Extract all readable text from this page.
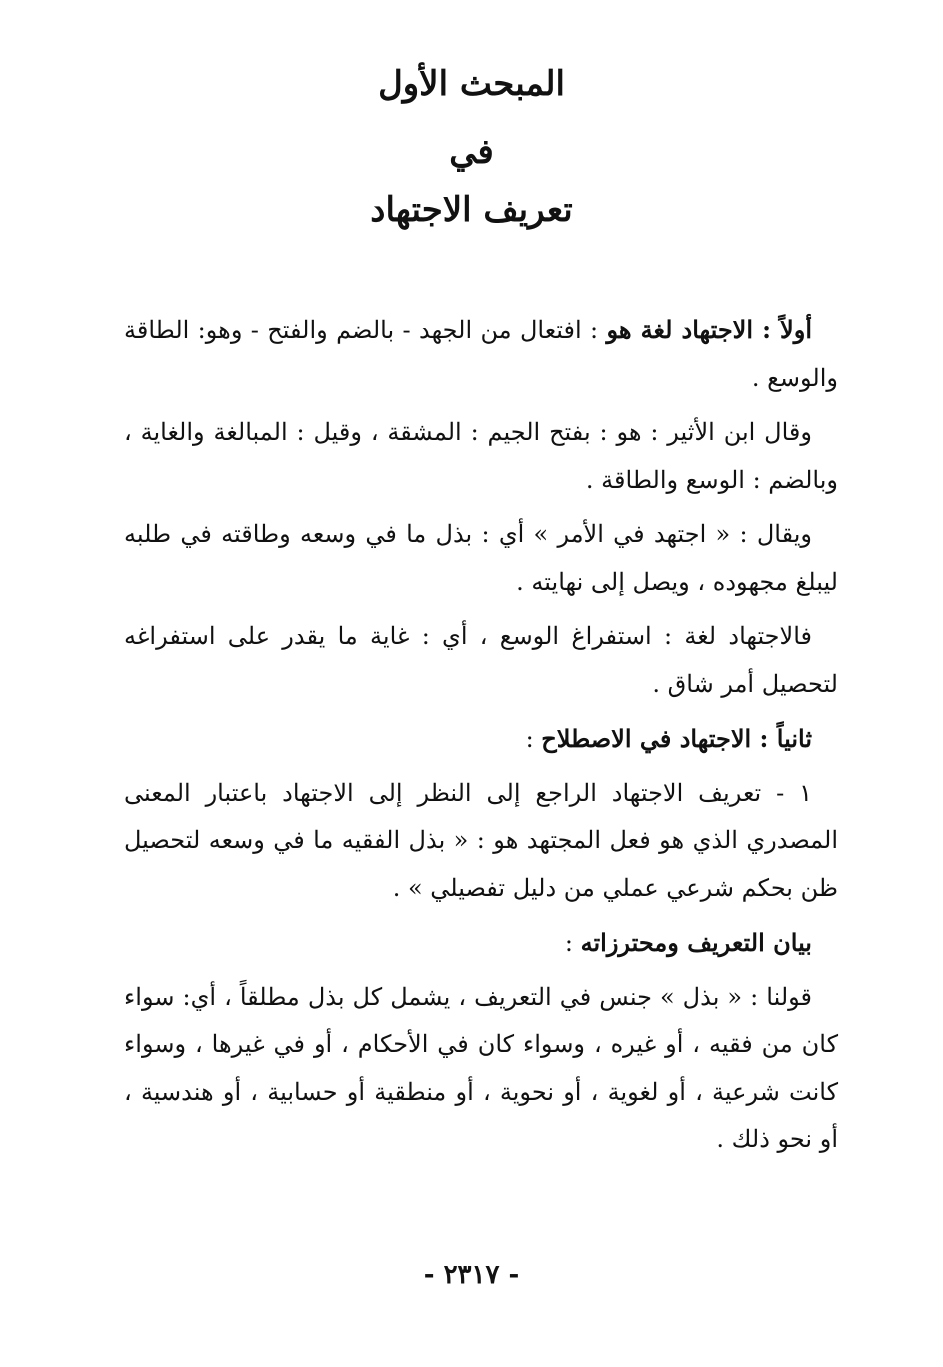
المبحث الأول
في
تعريف الاجتهاد

أولاً : الاجتهاد لغة هو : افتعال من الجهد - بالضم والفتح - وهو: الطاقة والوسع .

وقال ابن الأثير : هو : بفتح الجيم : المشقة ، وقيل : المبالغة والغاية ، وبالضم : الوسع والطاقة .

ويقال : « اجتهد في الأمر » أي : بذل ما في وسعه وطاقته في طلبه ليبلغ مجهوده ، ويصل إلى نهايته .

فالاجتهاد لغة : استفراغ الوسع ، أي : غاية ما يقدر على استفراغه لتحصيل أمر شاق .

ثانياً : الاجتهاد في الاصطلاح :

١ - تعريف الاجتهاد الراجع إلى النظر إلى الاجتهاد باعتبار المعنى المصدري الذي هو فعل المجتهد هو : « بذل الفقيه ما في وسعه لتحصيل ظن بحكم شرعي عملي من دليل تفصيلي » .

بيان التعريف ومحترزاته :

قولنا : « بذل » جنس في التعريف ، يشمل كل بذل مطلقاً ، أي: سواء كان من فقيه ، أو غيره ، وسواء كان في الأحكام ، أو في غيرها ، وسواء كانت شرعية ، أو لغوية ، أو نحوية ، أو منطقية أو حسابية ، أو هندسية ، أو نحو ذلك .

- ٢٣١٧ -
